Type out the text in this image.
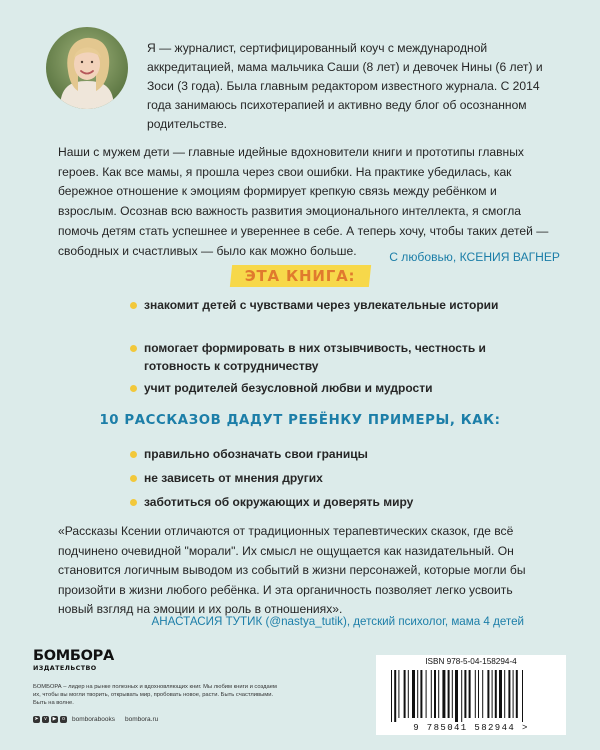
Я — журналист, сертифицированный коуч с международной аккредитацией, мама мальчика Саши (8 лет) и девочек Нины (6 лет) и Зоси (3 года). Была главным редактором известного журнала. С 2014 года занимаюсь психотерапией и активно веду блог об осознанном родительстве.
Наши с мужем дети — главные идейные вдохновители книги и прототипы главных героев. Как все мамы, я прошла через свои ошибки. На практике убедилась, как бережное отношение к эмоциям формирует крепкую связь между ребёнком и взрослым. Осознав всю важность развития эмоционального интеллекта, я смогла помочь детям стать успешнее и увереннее в себе. А теперь хочу, чтобы таких детей — свободных и счастливых — было как можно больше.	С любовью, КСЕНИЯ ВАГНЕР
ЭТА КНИГА:
знакомит детей с чувствами через увлекательные истории
помогает формировать в них отзывчивость, честность и готовность к сотрудничеству
учит родителей безусловной любви и мудрости
10 РАССКАЗОВ ДАДУТ РЕБЁНКУ ПРИМЕРЫ, КАК:
правильно обозначать свои границы
не зависеть от мнения других
заботиться об окружающих и доверять миру
«Рассказы Ксении отличаются от традиционных терапевтических сказок, где всё подчинено очевидной "морали". Их смысл не ощущается как назидательный. Он становится логичным выводом из событий в жизни персонажей, которые могли бы произойти в жизни любого ребёнка. И эта органичность позволяет легко усвоить новый взгляд на эмоции и их роль в отношениях».
АНАСТАСИЯ ТУТИК (@nastya_tutik), детский психолог, мама 4 детей
БОМБОРА
ИЗДАТЕЛЬСТВО
БОМБОРА – лидер на рынке полезных и вдохновляющих книг. Мы любим книги и создаем их, чтобы вы могли творить, открывать мир, пробовать новое, расти. Быть счастливыми. Быть на волне.
➤	v	▶	o	bomborabooks bombora.ru
ISBN 978-5-04-158294-4
9 785041 582944 >
